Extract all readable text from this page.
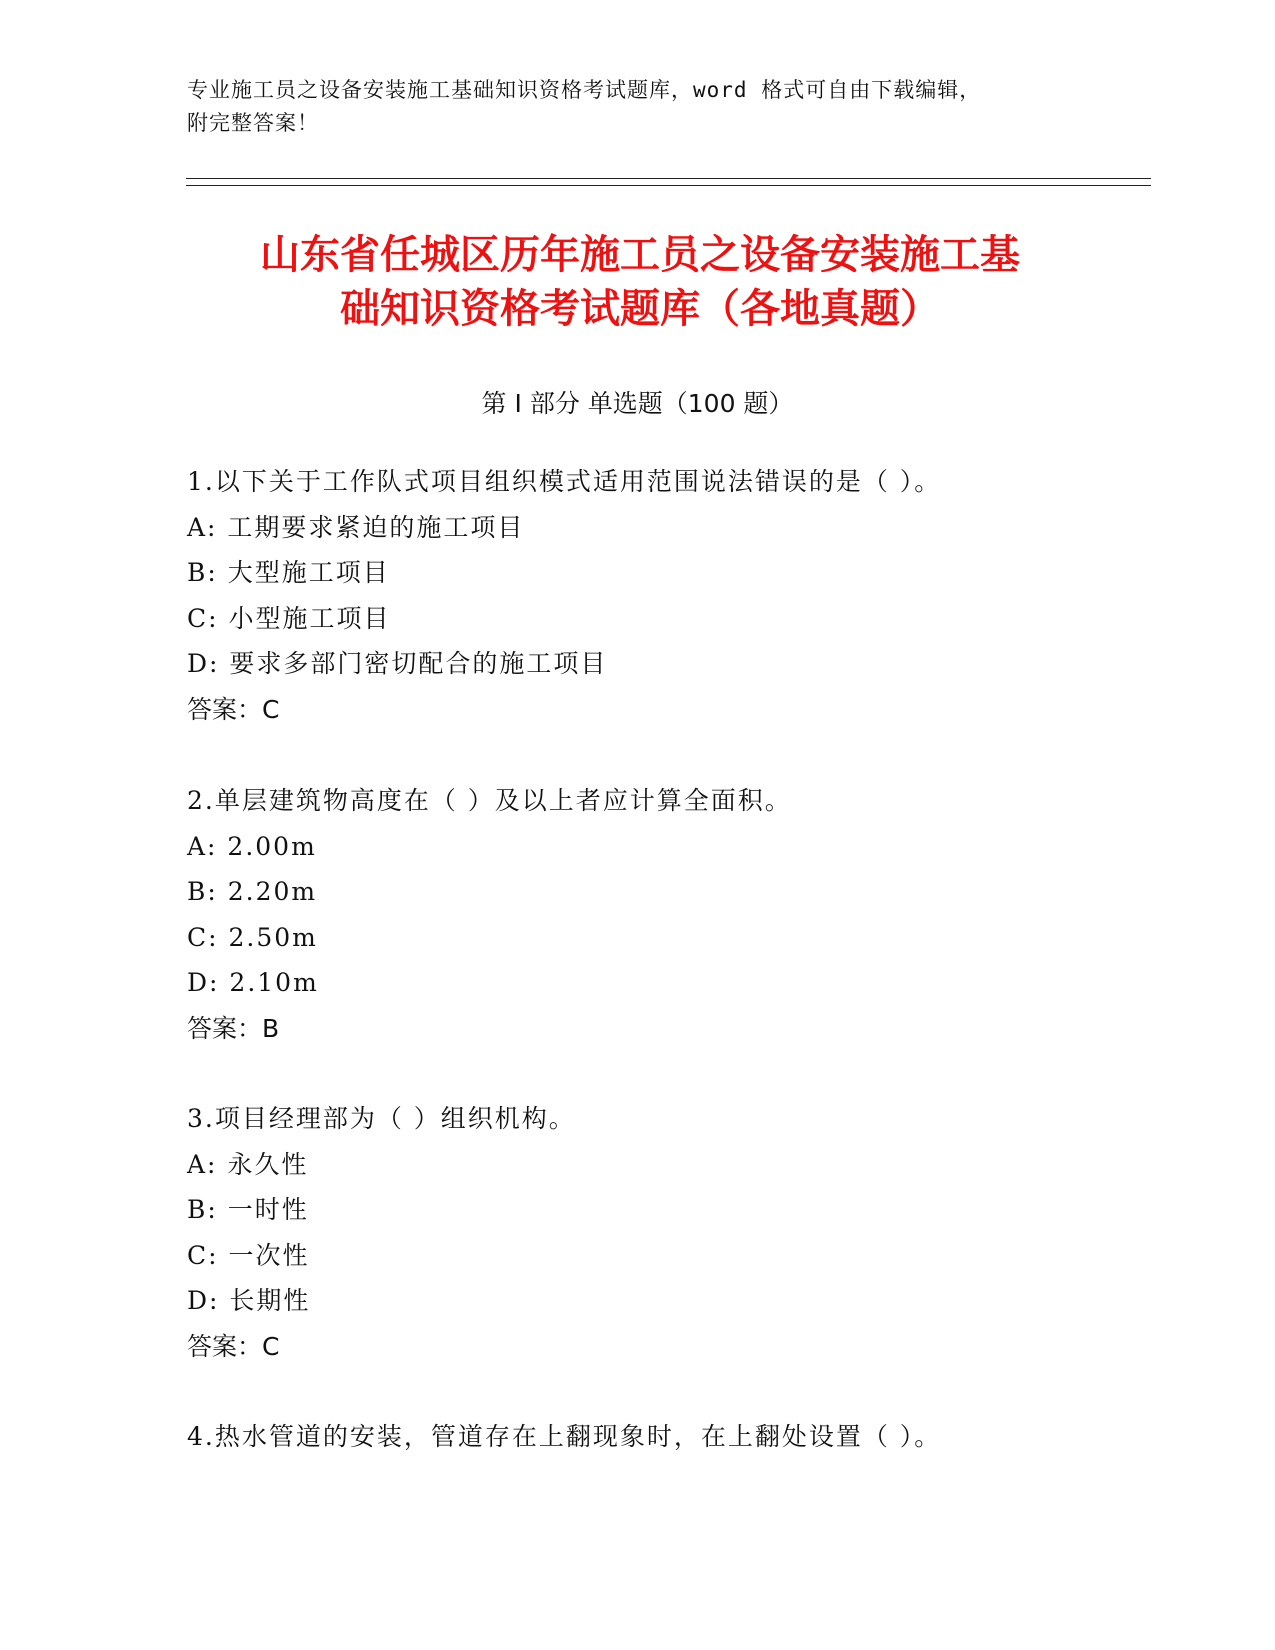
专业施工员之设备安装施工基础知识资格考试题库，word 格式可自由下载编辑，
附完整答案！
山东省任城区历年施工员之设备安装施工基
础知识资格考试题库（各地真题）
第 I 部分 单选题（100 题）
1.以下关于工作队式项目组织模式适用范围说法错误的是（ ）。
A: 工期要求紧迫的施工项目
B: 大型施工项目
C: 小型施工项目
D: 要求多部门密切配合的施工项目
答案：C
2.单层建筑物高度在（ ）及以上者应计算全面积。
A: 2.00m
B: 2.20m
C: 2.50m
D: 2.10m
答案：B
3.项目经理部为（ ）组织机构。
A: 永久性
B: 一时性
C: 一次性
D: 长期性
答案：C
4.热水管道的安装，管道存在上翻现象时，在上翻处设置（ ）。
